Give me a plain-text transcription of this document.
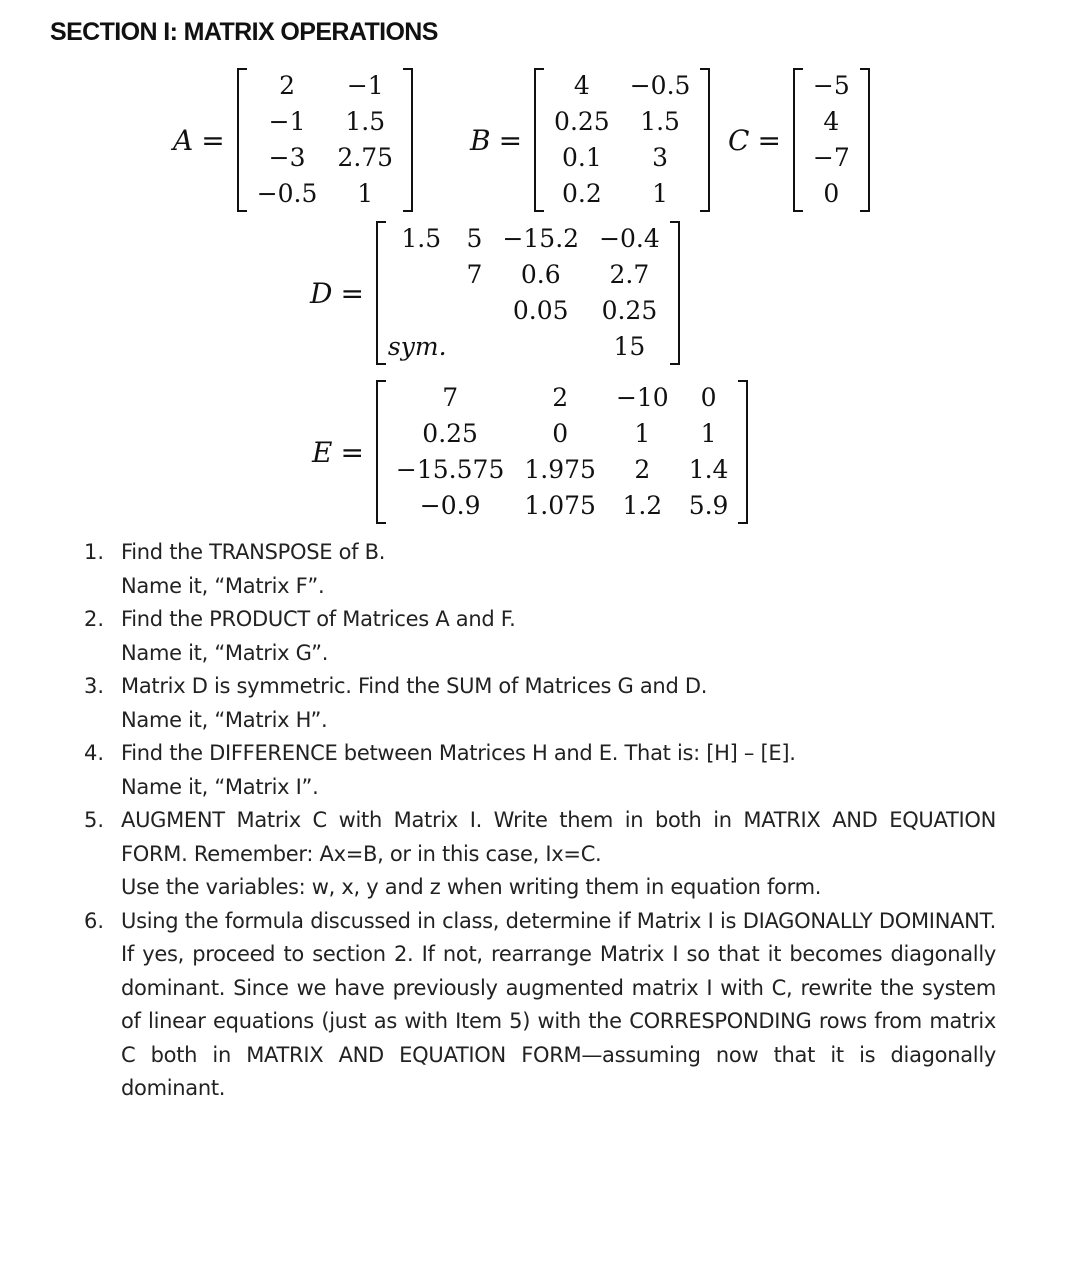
SECTION I: MATRIX OPERATIONS
A =
2	−1
−1	1.5
−3	2.75
−0.5	1
B =
4	−0.5
0.25	1.5
0.1	3
0.2	1
C =
−5
4
−7
0
D =
1.5	5	−15.2	−0.4
	7	0.6	2.7
		0.05	0.25
sym.			15
E =
7	2	−10	0
0.25	0	1	1
−15.575	1.975	2	1.4
−0.9	1.075	1.2	5.9
1. Find the TRANSPOSE of B.
Name it, “Matrix F”.
2. Find the PRODUCT of Matrices A and F.
Name it, “Matrix G”.
3. Matrix D is symmetric. Find the SUM of Matrices G and D.
Name it, “Matrix H”.
4. Find the DIFFERENCE between Matrices H and E. That is: [H] – [E].
Name it, “Matrix I”.
5. AUGMENT Matrix C with Matrix I. Write them in both in MATRIX AND EQUATION FORM. Remember: Ax=B, or in this case, Ix=C.
Use the variables: w, x, y and z when writing them in equation form.
6. Using the formula discussed in class, determine if Matrix I is DIAGONALLY DOMINANT. If yes, proceed to section 2. If not, rearrange Matrix I so that it becomes diagonally dominant. Since we have previously augmented matrix I with C, rewrite the system of linear equations (just as with Item 5) with the CORRESPONDING rows from matrix C both in MATRIX AND EQUATION FORM—assuming now that it is diagonally dominant.
